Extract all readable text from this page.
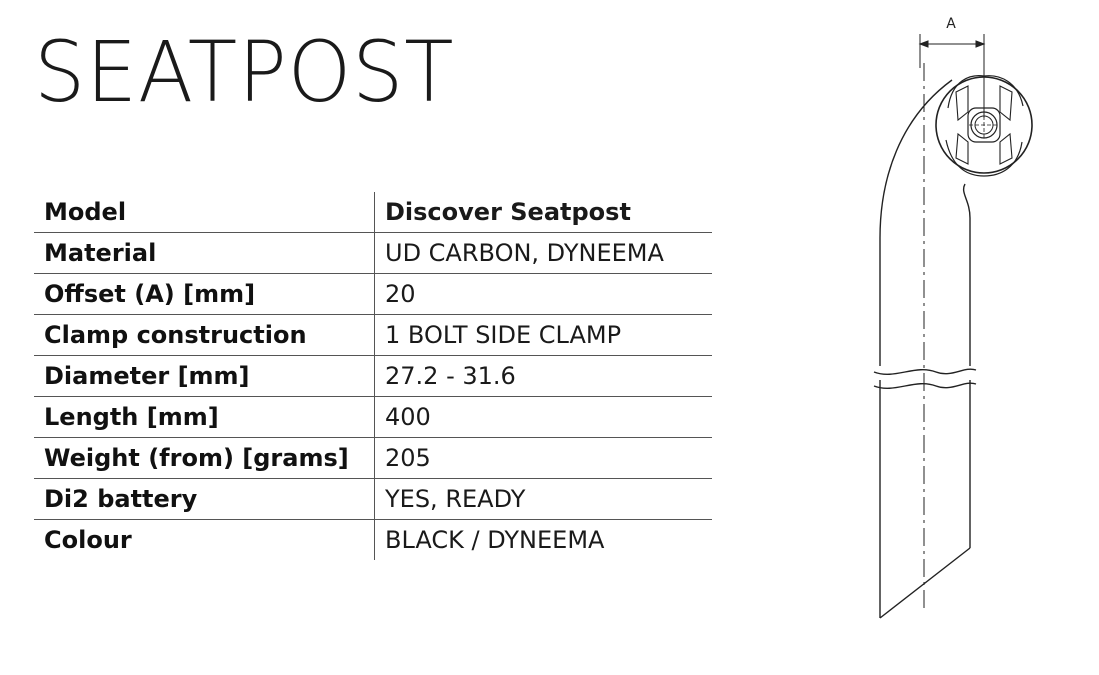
SEATPOST
Model	Discover Seatpost
Material	UD CARBON, DYNEEMA
Offset (A) [mm]	20
Clamp construction	1 BOLT SIDE CLAMP
Diameter [mm]	27.2 - 31.6
Length [mm]	400
Weight (from) [grams]	205
Di2 battery	YES, READY
Colour	BLACK / DYNEEMA
A
